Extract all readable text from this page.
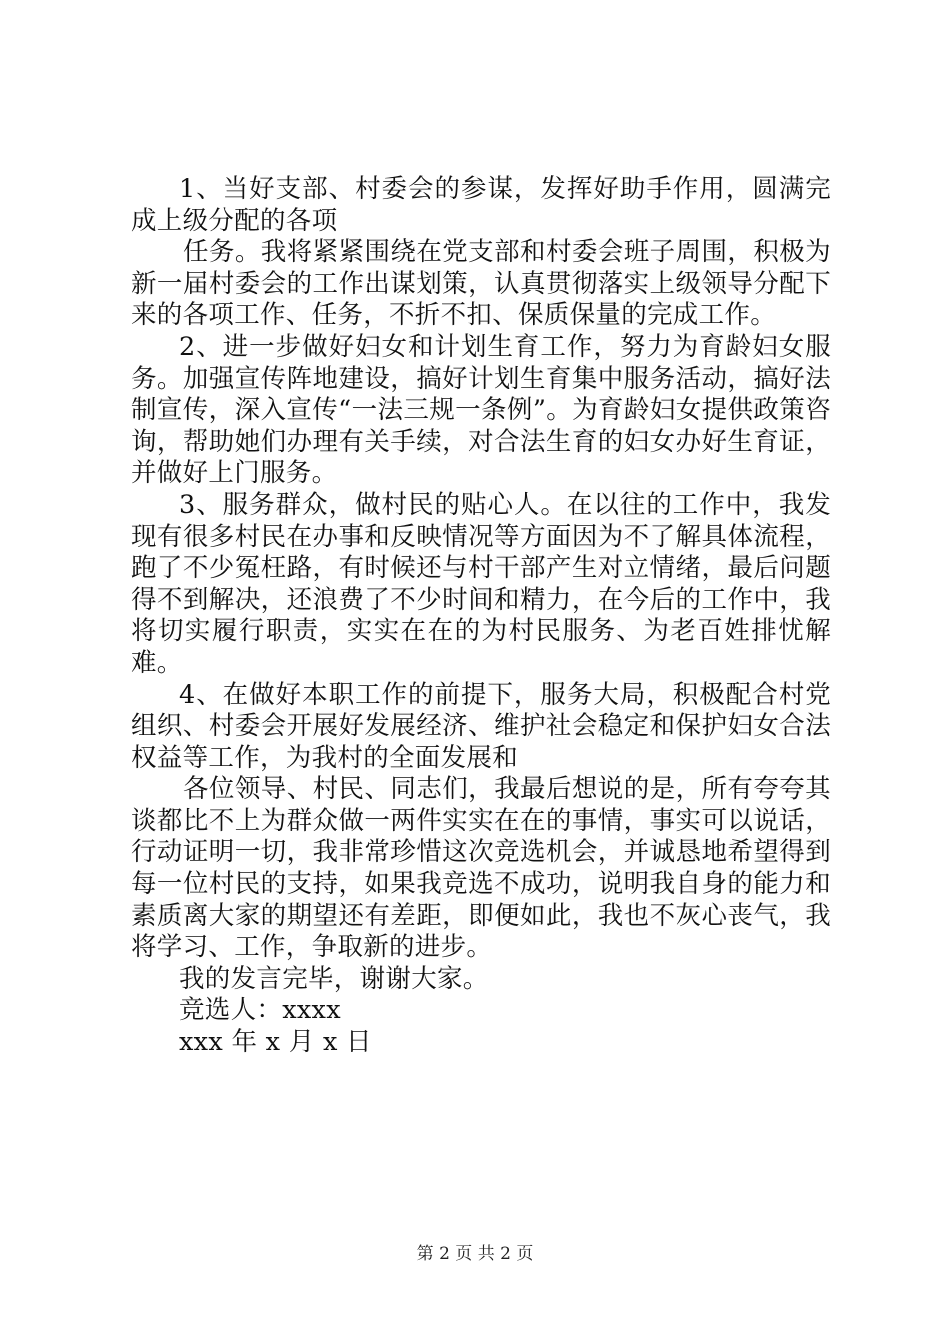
1、当好支部、村委会的参谋，发挥好助手作用，圆满完成上级分配的各项

任务。我将紧紧围绕在党支部和村委会班子周围，积极为新一届村委会的工作出谋划策，认真贯彻落实上级领导分配下来的各项工作、任务，不折不扣、保质保量的完成工作。

2、进一步做好妇女和计划生育工作，努力为育龄妇女服务。加强宣传阵地建设，搞好计划生育集中服务活动，搞好法制宣传，深入宣传“一法三规一条例”。为育龄妇女提供政策咨询，帮助她们办理有关手续，对合法生育的妇女办好生育证，并做好上门服务。

3、服务群众，做村民的贴心人。在以往的工作中，我发现有很多村民在办事和反映情况等方面因为不了解具体流程，跑了不少冤枉路，有时候还与村干部产生对立情绪，最后问题得不到解决，还浪费了不少时间和精力，在今后的工作中，我将切实履行职责，实实在在的为村民服务、为老百姓排忧解难。

4、在做好本职工作的前提下，服务大局，积极配合村党组织、村委会开展好发展经济、维护社会稳定和保护妇女合法权益等工作，为我村的全面发展和

各位领导、村民、同志们，我最后想说的是，所有夸夸其谈都比不上为群众做一两件实实在在的事情，事实可以说话，行动证明一切，我非常珍惜这次竞选机会，并诚恳地希望得到每一位村民的支持，如果我竞选不成功，说明我自身的能力和素质离大家的期望还有差距，即便如此，我也不灰心丧气，我将学习、工作，争取新的进步。

我的发言完毕，谢谢大家。

竞选人：xxxx

xxx 年 x 月 x 日

第 2 页 共 2 页
